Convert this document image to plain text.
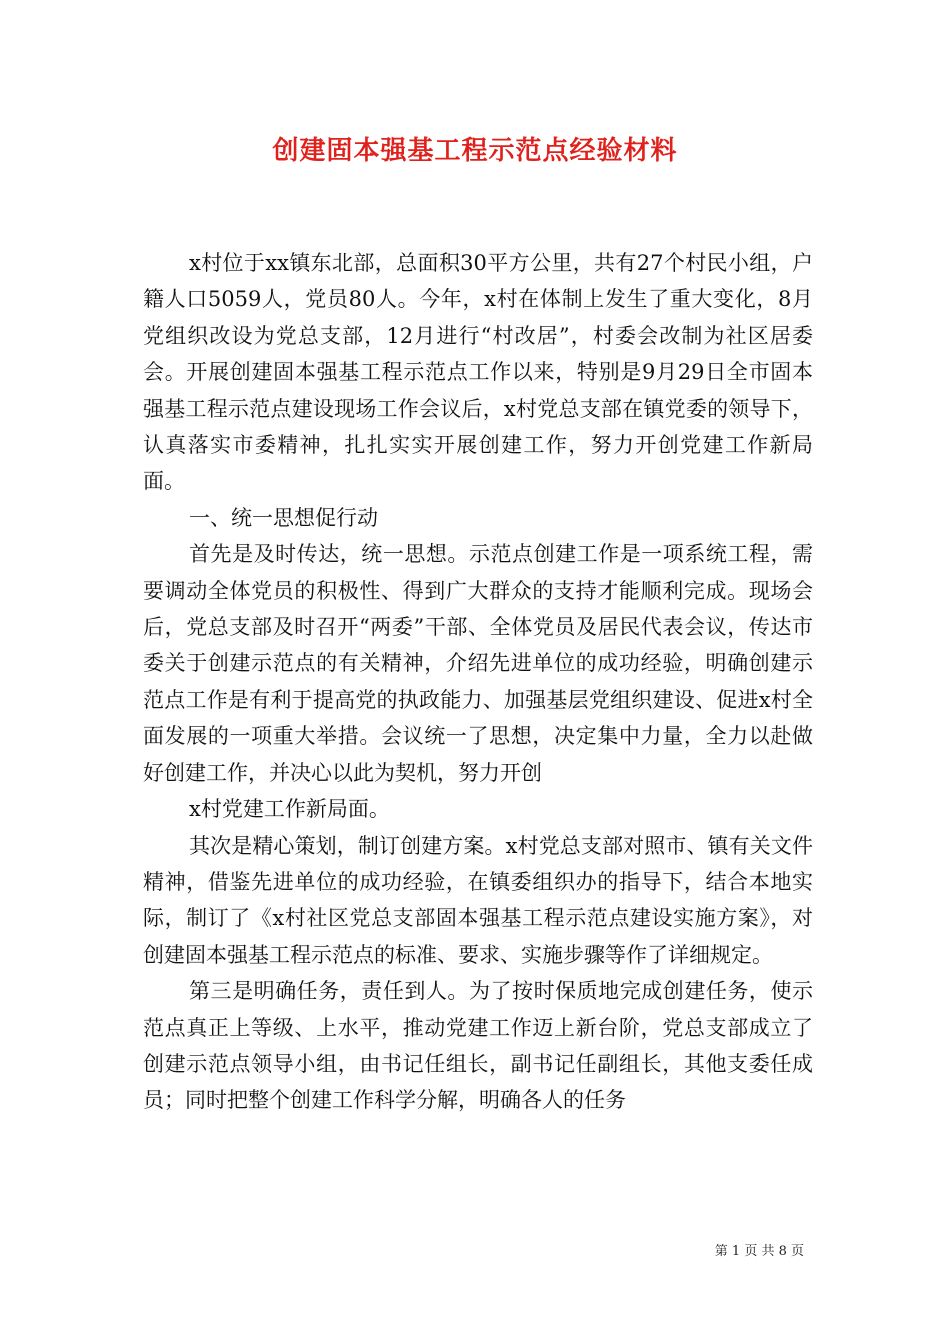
创建固本强基工程示范点经验材料

x村位于xx镇东北部，总面积30平方公里，共有27个村民小组，户籍人口5059人，党员80人。今年，x村在体制上发生了重大变化，8月党组织改设为党总支部，12月进行“村改居”，村委会改制为社区居委会。开展创建固本强基工程示范点工作以来，特别是9月29日全市固本强基工程示范点建设现场工作会议后，x村党总支部在镇党委的领导下，认真落实市委精神，扎扎实实开展创建工作，努力开创党建工作新局面。

一、统一思想促行动

首先是及时传达，统一思想。示范点创建工作是一项系统工程，需要调动全体党员的积极性、得到广大群众的支持才能顺利完成。现场会后，党总支部及时召开“两委”干部、全体党员及居民代表会议，传达市委关于创建示范点的有关精神，介绍先进单位的成功经验，明确创建示范点工作是有利于提高党的执政能力、加强基层党组织建设、促进x村全面发展的一项重大举措。会议统一了思想，决定集中力量，全力以赴做好创建工作，并决心以此为契机，努力开创

x村党建工作新局面。

其次是精心策划，制订创建方案。x村党总支部对照市、镇有关文件精神，借鉴先进单位的成功经验，在镇委组织办的指导下，结合本地实际，制订了《x村社区党总支部固本强基工程示范点建设实施方案》，对创建固本强基工程示范点的标准、要求、实施步骤等作了详细规定。

第三是明确任务，责任到人。为了按时保质地完成创建任务，使示范点真正上等级、上水平，推动党建工作迈上新台阶，党总支部成立了创建示范点领导小组，由书记任组长，副书记任副组长，其他支委任成员；同时把整个创建工作科学分解，明确各人的任务

第 1 页 共 8 页
